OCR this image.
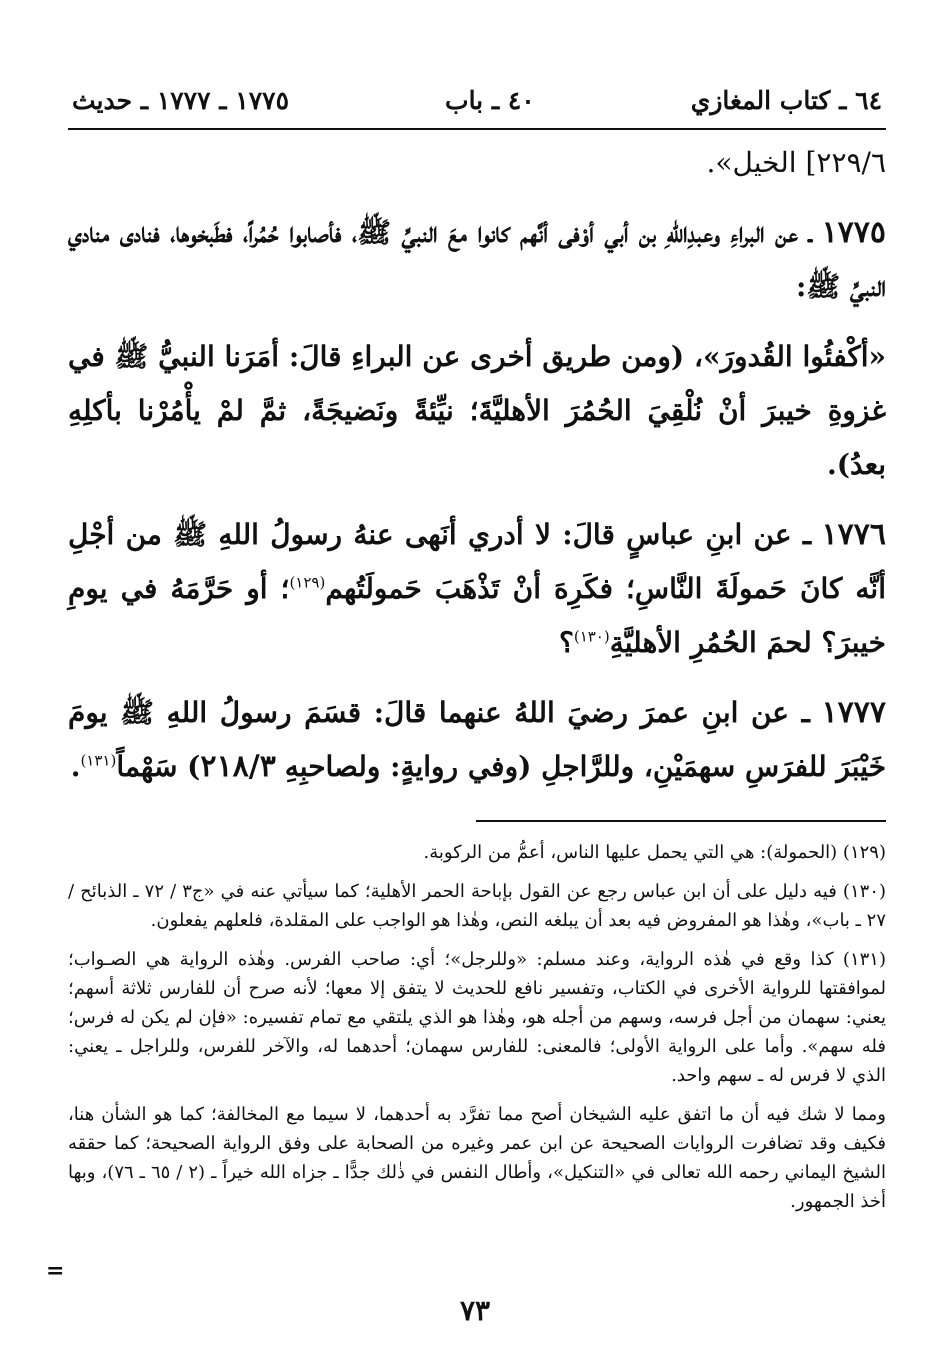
٦٤ ـ كتاب المغازي
٤٠ ـ باب
١٧٧٥ ـ ١٧٧٧ ـ حديث

٢٢٩/٦] الخيل».

١٧٧٥ ـ عن البراءِ وعبدِاللهِ بن أبي أوْفى أنَّهم كانوا معَ النبيِّ ﷺ، فأصابوا حُمُراً، فطَبخوها، فنادى منادي النبيِّ ﷺ:

«أكْفئُوا القُدورَ»، (ومن طريق أخرى عن البراءِ قالَ: أمَرَنا النبيُّ ﷺ في غزوةِ خيبرَ أنْ نُلْقِيَ الحُمُرَ الأهليَّةَ؛ نيِّئةً ونَضيجَةً، ثمَّ لمْ يأْمُرْنا بأكلِهِ بعدُ).

١٧٧٦ ـ عن ابنِ عباسٍ قالَ: لا أدري أنَهى عنهُ رسولُ اللهِ ﷺ من أجْلِ أنَّه كانَ حَمولَةَ النَّاسِ؛ فكَرِهَ أنْ تَذْهَبَ حَمولَتُهم$^{(١٢٩)}$؛ أو حَرَّمَهُ في يومِ خيبرَ؟ لحمَ الحُمُرِ الأهليَّةِ$^{(١٣٠)}$؟

١٧٧٧ ـ عن ابنِ عمرَ رضيَ اللهُ عنهما قالَ: قسَمَ رسولُ اللهِ ﷺ يومَ خَيْبَرَ للفرَسِ سهمَيْنِ، وللرَّاجلِ (وفي روايةٍ: ولصاحبِهِ ٢١٨/٣) سَهْماً$^{(١٣١)}$.

(١٢٩) (الحمولة): هي التي يحمل عليها الناس، أعمُّ من الركوبة.

(١٣٠) فيه دليل على أن ابن عباس رجع عن القول بإباحة الحمر الأهلية؛ كما سيأتي عنه في «ج٣ / ٧٢ ـ الذبائح / ٢٧ ـ باب»، وهٰذا هو المفروض فيه بعد أن يبلغه النص، وهٰذا هو الواجب على المقلدة، فلعلهم يفعلون.

(١٣١) كذا وقع في هٰذه الرواية، وعند مسلم: «وللرجل»؛ أي: صاحب الفرس. وهٰذه الرواية هي الصـواب؛ لموافقتها للرواية الأخرى في الكتاب، وتفسير نافع للحديث لا يتفق إلا معها؛ لأنه صرح أن للفارس ثلاثة أسهم؛ يعني: سهمان من أجل فرسه، وسهم من أجله هو، وهٰذا هو الذي يلتقي مع تمام تفسيره: «فإن لم يكن له فرس؛ فله سهم». وأما على الرواية الأولى؛ فالمعنى: للفارس سهمان؛ أحدهما له، والآخر للفرس، وللراجل ـ يعني: الذي لا فرس له ـ سهم واحد.

ومما لا شك فيه أن ما اتفق عليه الشيخان أصح مما تفرَّد به أحدهما، لا سيما مع المخالفة؛ كما هو الشأن هنا، فكيف وقد تضافرت الروايات الصحيحة عن ابن عمر وغيره من الصحابة على وفق الرواية الصحيحة؛ كما حققه الشيخ اليماني رحمه الله تعالى في «التنكيل»، وأطال النفس في ذٰلك جدًّا ـ جزاه الله خيراً ـ (٢ / ٦٥ ـ ٧٦)، وبها أخذ الجمهور.

=
٧٣
